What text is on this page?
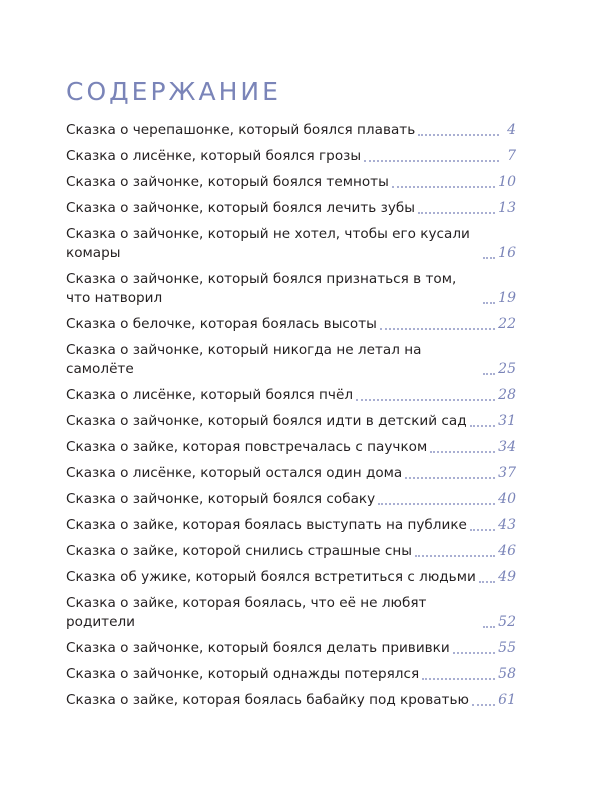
СОДЕРЖАНИЕ
Сказка о черепашонке, который боялся плавать	4
Сказка о лисёнке, который боялся грозы	7
Сказка о зайчонке, который боялся темноты	10
Сказка о зайчонке, который боялся лечить зубы	13
Сказка о зайчонке, который не хотел, чтобы его кусали комары	16
Сказка о зайчонке, который боялся признаться в том, что натворил	19
Сказка о белочке, которая боялась высоты	22
Сказка о зайчонке, который никогда не летал на самолёте	25
Сказка о лисёнке, который боялся пчёл	28
Сказка о зайчонке, который боялся идти в детский сад 31
Сказка о зайке, которая повстречалась с паучком	34
Сказка о лисёнке, который остался один дома	37
Сказка о зайчонке, который боялся собаку	40
Сказка о зайке, которая боялась выступать на публике 43
Сказка о зайке, которой снились страшные сны	46
Сказка об ужике, который боялся встретиться с людьми 49
Сказка о зайке, которая боялась, что её не любят родители	52
Сказка о зайчонке, который боялся делать прививки	55
Сказка о зайчонке, который однажды потерялся	58
Сказка о зайке, которая боялась бабайку под кроватью 61
